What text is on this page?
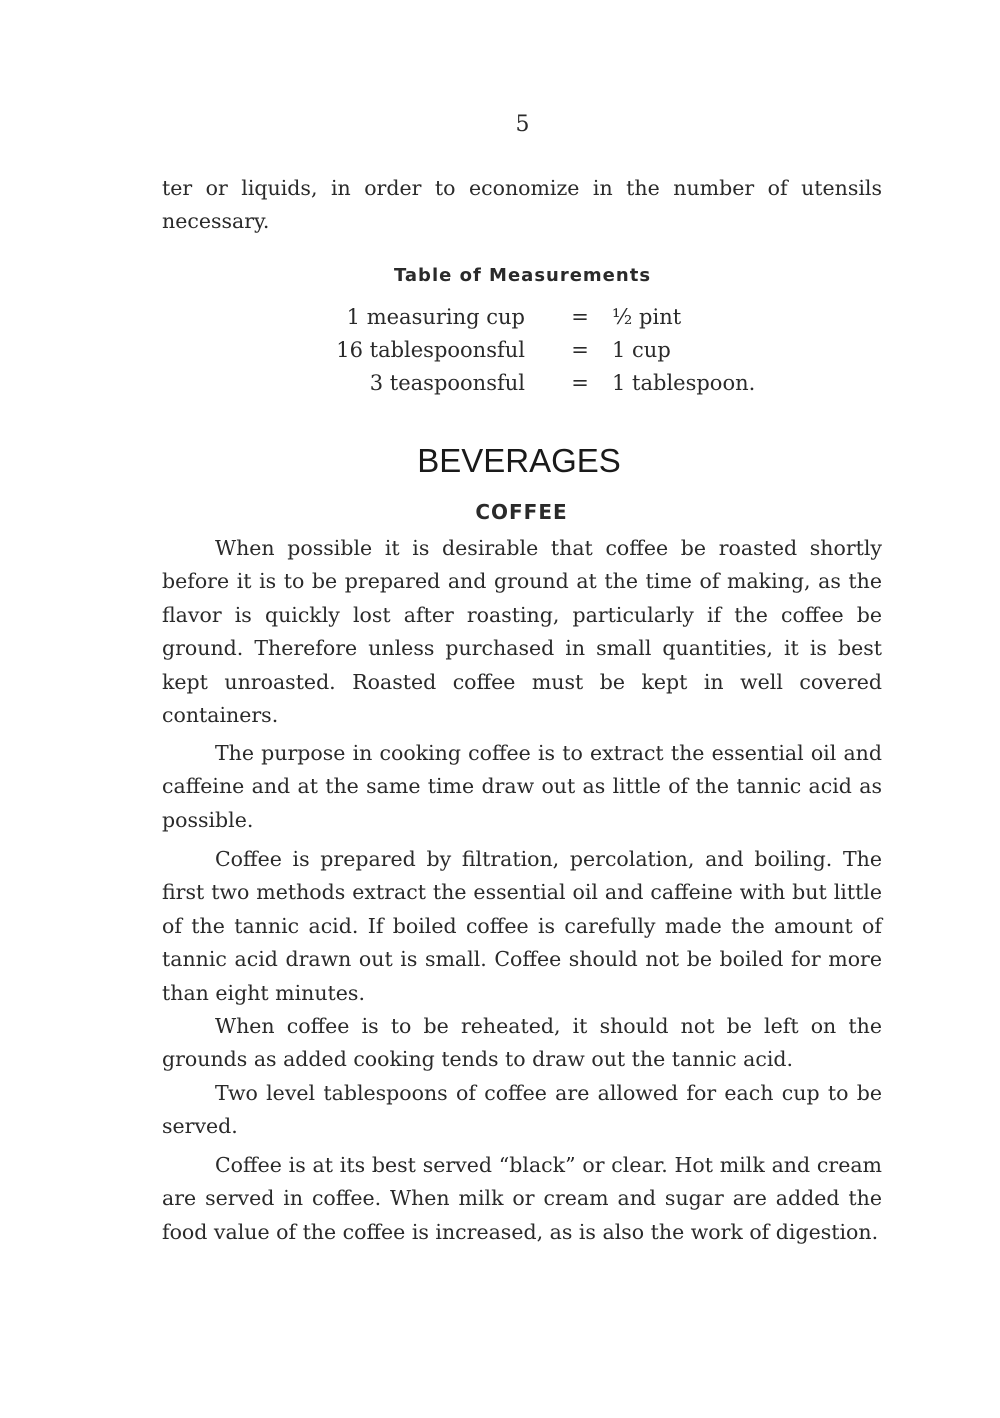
5

ter or liquids, in order to economize in the number of utensils necessary.

Table of Measurements
1 measuring cup = ½ pint
16 tablespoonsful = 1 cup
3 teaspoonsful = 1 tablespoon.
BEVERAGES
COFFEE

When possible it is desirable that coffee be roasted shortly before it is to be prepared and ground at the time of making, as the flavor is quickly lost after roasting, particularly if the coffee be ground. Therefore unless purchased in small quantities, it is best kept unroasted. Roasted coffee must be kept in well covered containers.

The purpose in cooking coffee is to extract the essential oil and caffeine and at the same time draw out as little of the tannic acid as possible.

Coffee is prepared by filtration, percolation, and boiling. The first two methods extract the essential oil and caffeine with but little of the tannic acid. If boiled coffee is carefully made the amount of tannic acid drawn out is small. Coffee should not be boiled for more than eight minutes.

When coffee is to be reheated, it should not be left on the grounds as added cooking tends to draw out the tannic acid.

Two level tablespoons of coffee are allowed for each cup to be served.

Coffee is at its best served “black” or clear. Hot milk and cream are served in coffee. When milk or cream and sugar are added the food value of the coffee is increased, as is also the work of digestion.
